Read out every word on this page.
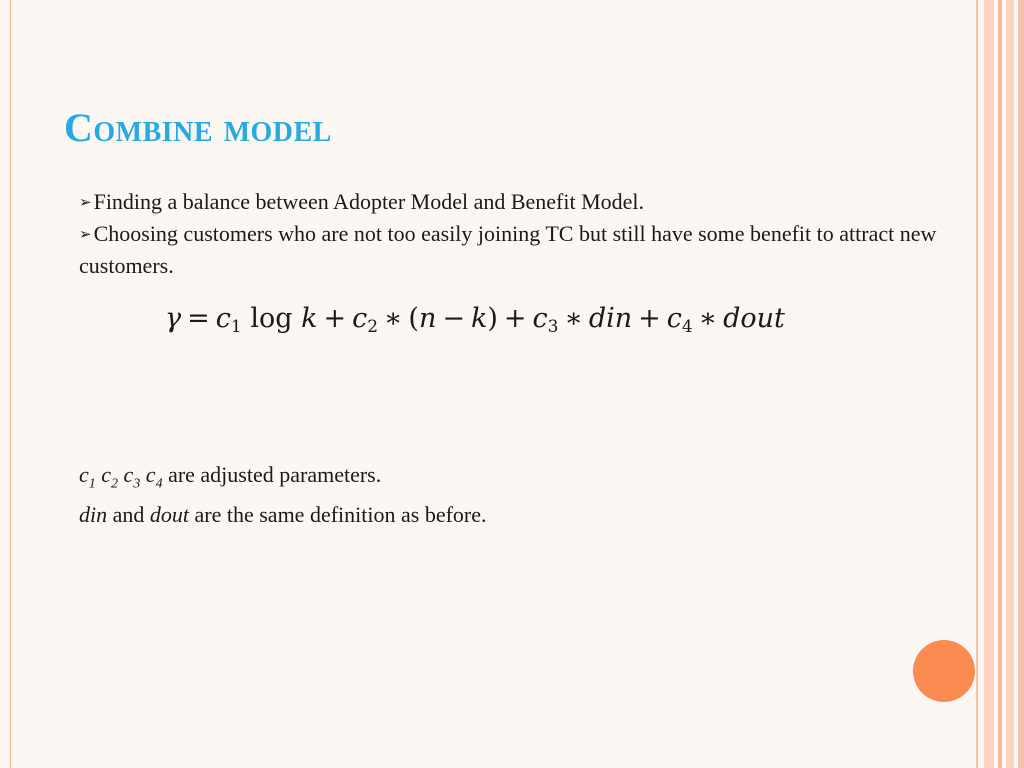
Combine model

➢Finding a balance between Adopter Model and Benefit Model.

➢Choosing customers who are not too easily joining TC but still have some benefit to attract new customers.

$\gamma = c_1$ $\log k + c_2$ ∗ $(n - k) + c_3$ ∗ din + $c_4$ ∗ dout

$c_1$ $c_2$ $c_3$ $c_4$ are adjusted parameters.

din and dout are the same definition as before.
